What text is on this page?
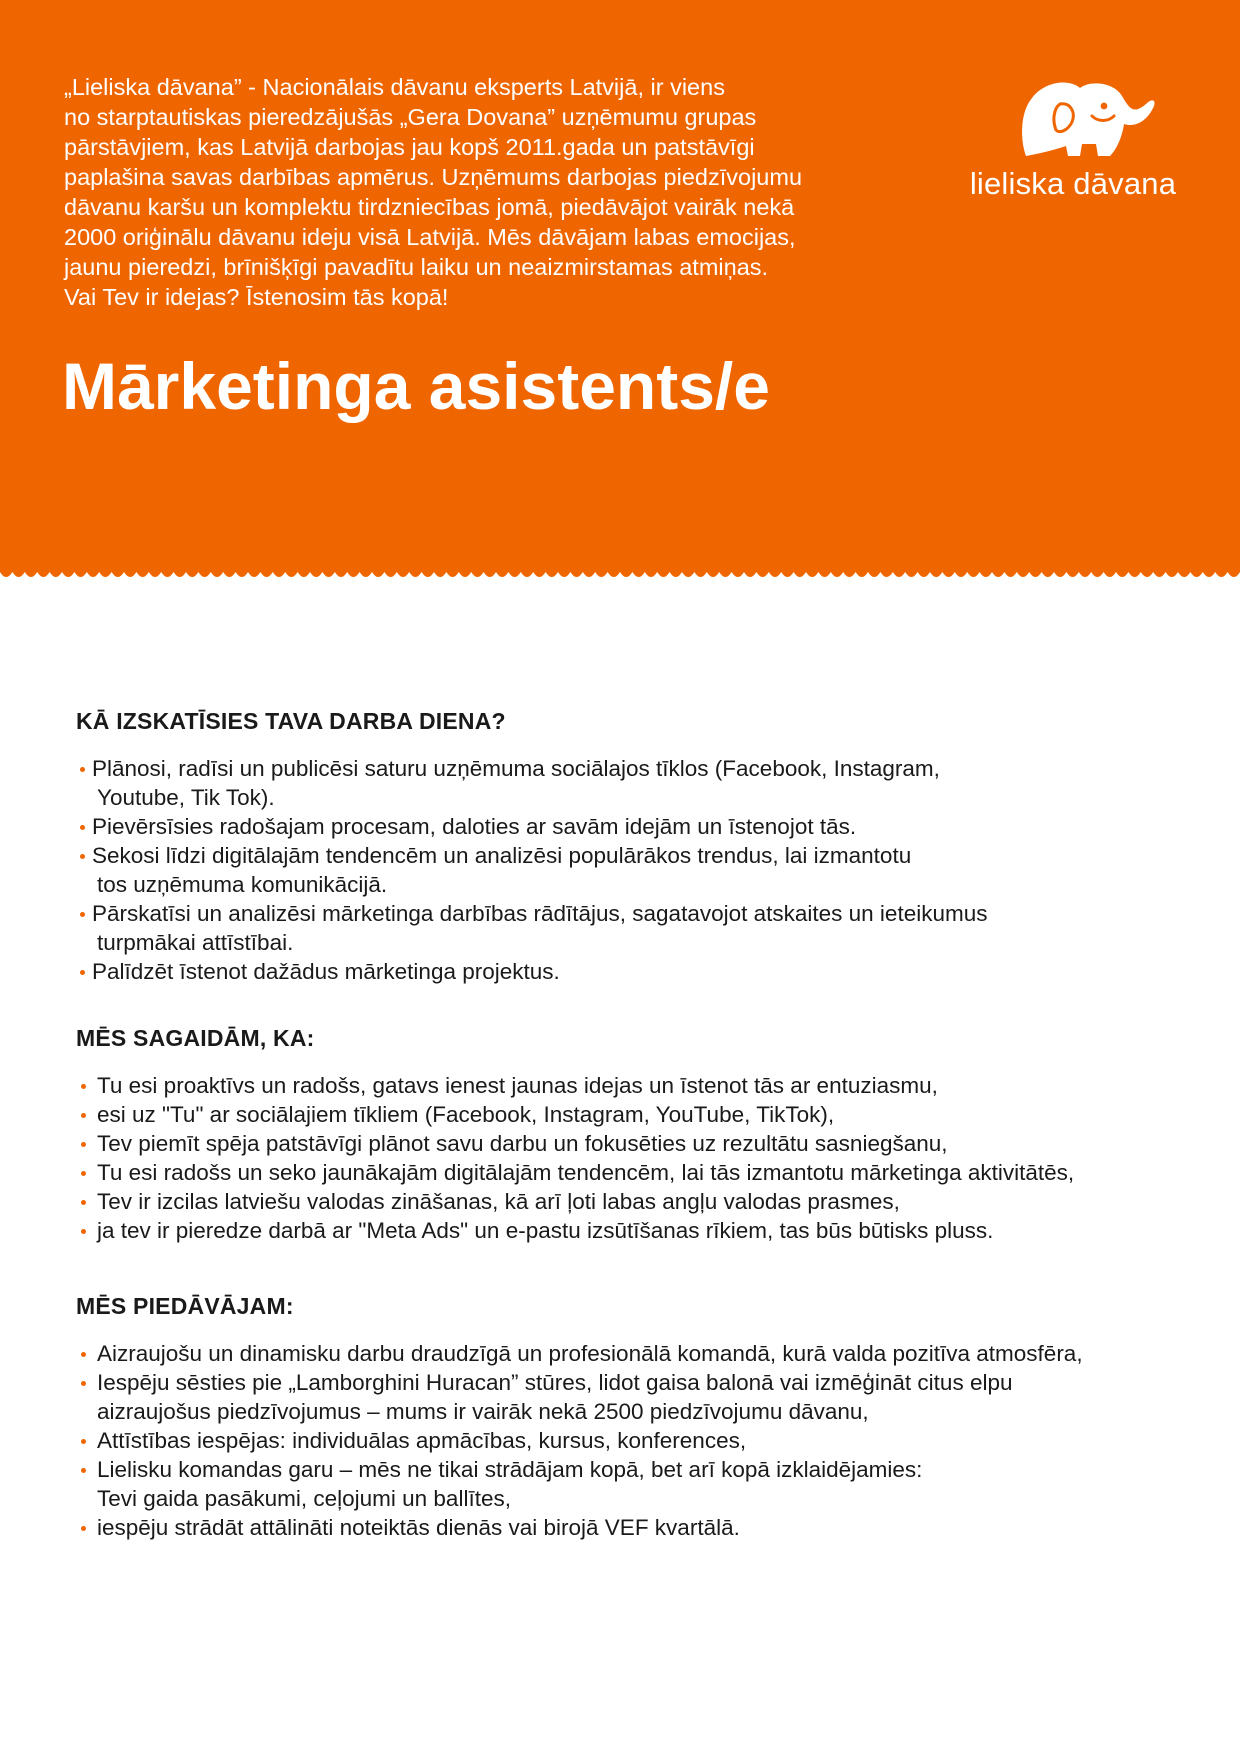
„Lieliska dāvana” - Nacionālais dāvanu eksperts Latvijā, ir viens
no starptautiskas pieredzājušās „Gera Dovana” uzņēmumu grupas
pārstāvjiem, kas Latvijā darbojas jau kopš 2011.gada un patstāvīgi
paplašina savas darbības apmērus. Uzņēmums darbojas piedzīvojumu
dāvanu karšu un komplektu tirdzniecības jomā, piedāvājot vairāk nekā
2000 oriģinālu dāvanu ideju visā Latvijā. Mēs dāvājam labas emocijas,
jaunu pieredzi, brīnišķīgi pavadītu laiku un neaizmirstamas atmiņas.
Vai Tev ir idejas? Īstenosim tās kopā!

lieliska dāvana
Mārketinga asistents/e
KĀ IZSKATĪSIES TAVA DARBA DIENA?
Plānosi, radīsi un publicēsi saturu uzņēmuma sociālajos tīklos (Facebook, Instagram,
Youtube, Tik Tok).
Pievērsīsies radošajam procesam, daloties ar savām idejām un īstenojot tās.
Sekosi līdzi digitālajām tendencēm un analizēsi populārākos trendus, lai izmantotu
tos uzņēmuma komunikācijā.
Pārskatīsi un analizēsi mārketinga darbības rādītājus, sagatavojot atskaites un ieteikumus
turpmākai attīstībai.
Palīdzēt īstenot dažādus mārketinga projektus.
MĒS SAGAIDĀM, KA:
Tu esi proaktīvs un radošs, gatavs ienest jaunas idejas un īstenot tās ar entuziasmu,
esi uz "Tu" ar sociālajiem tīkliem (Facebook, Instagram, YouTube, TikTok),
Tev piemīt spēja patstāvīgi plānot savu darbu un fokusēties uz rezultātu sasniegšanu,
Tu esi radošs un seko jaunākajām digitālajām tendencēm, lai tās izmantotu mārketinga aktivitātēs,
Tev ir izcilas latviešu valodas zināšanas, kā arī ļoti labas angļu valodas prasmes,
ja tev ir pieredze darbā ar "Meta Ads" un e-pastu izsūtīšanas rīkiem, tas būs būtisks pluss.
MĒS PIEDĀVĀJAM:
Aizraujošu un dinamisku darbu draudzīgā un profesionālā komandā, kurā valda pozitīva atmosfēra,
Iespēju sēsties pie „Lamborghini Huracan” stūres, lidot gaisa balonā vai izmēģināt citus elpu
aizraujošus piedzīvojumus – mums ir vairāk nekā 2500 piedzīvojumu dāvanu,
Attīstības iespējas: individuālas apmācības, kursus, konferences,
Lielisku komandas garu – mēs ne tikai strādājam kopā, bet arī kopā izklaidējamies:
Tevi gaida pasākumi, ceļojumi un ballītes,
iespēju strādāt attālināti noteiktās dienās vai birojā VEF kvartālā.
